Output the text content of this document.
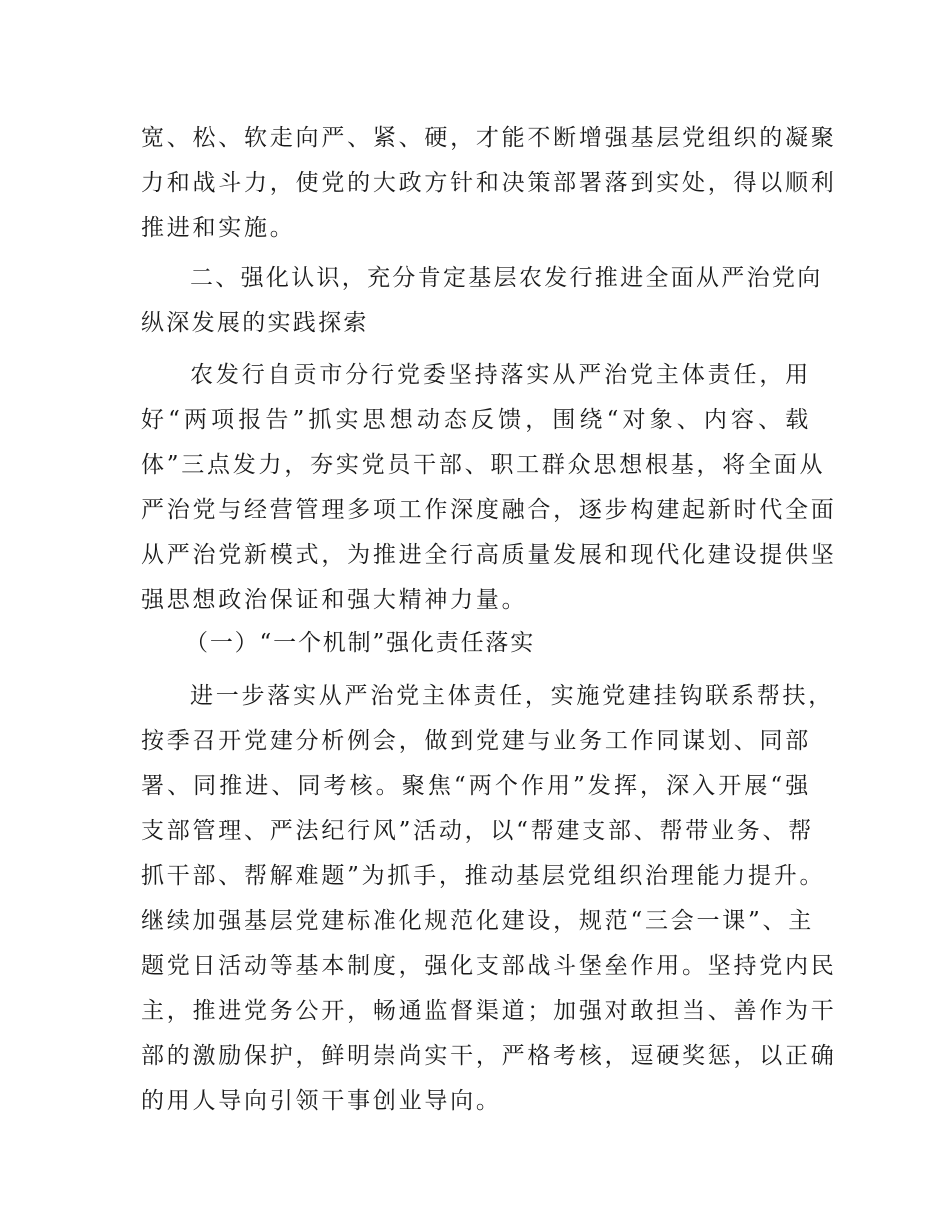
宽、松、软走向严、紧、硬，才能不断增强基层党组织的凝聚
力和战斗力，使党的大政方针和决策部署落到实处，得以顺利
推进和实施。
二、强化认识，充分肯定基层农发行推进全面从严治党向
纵深发展的实践探索
农发行自贡市分行党委坚持落实从严治党主体责任，用
好“两项报告”抓实思想动态反馈，围绕“对象、内容、载
体”三点发力，夯实党员干部、职工群众思想根基，将全面从
严治党与经营管理多项工作深度融合，逐步构建起新时代全面
从严治党新模式，为推进全行高质量发展和现代化建设提供坚
强思想政治保证和强大精神力量。
（一）“一个机制”强化责任落实
进一步落实从严治党主体责任，实施党建挂钩联系帮扶，
按季召开党建分析例会，做到党建与业务工作同谋划、同部
署、同推进、同考核。聚焦“两个作用”发挥，深入开展“强
支部管理、严法纪行风”活动，以“帮建支部、帮带业务、帮
抓干部、帮解难题”为抓手，推动基层党组织治理能力提升。
继续加强基层党建标准化规范化建设，规范“三会一课”、主
题党日活动等基本制度，强化支部战斗堡垒作用。坚持党内民
主，推进党务公开，畅通监督渠道；加强对敢担当、善作为干
部的激励保护，鲜明崇尚实干，严格考核，逗硬奖惩，以正确
的用人导向引领干事创业导向。
